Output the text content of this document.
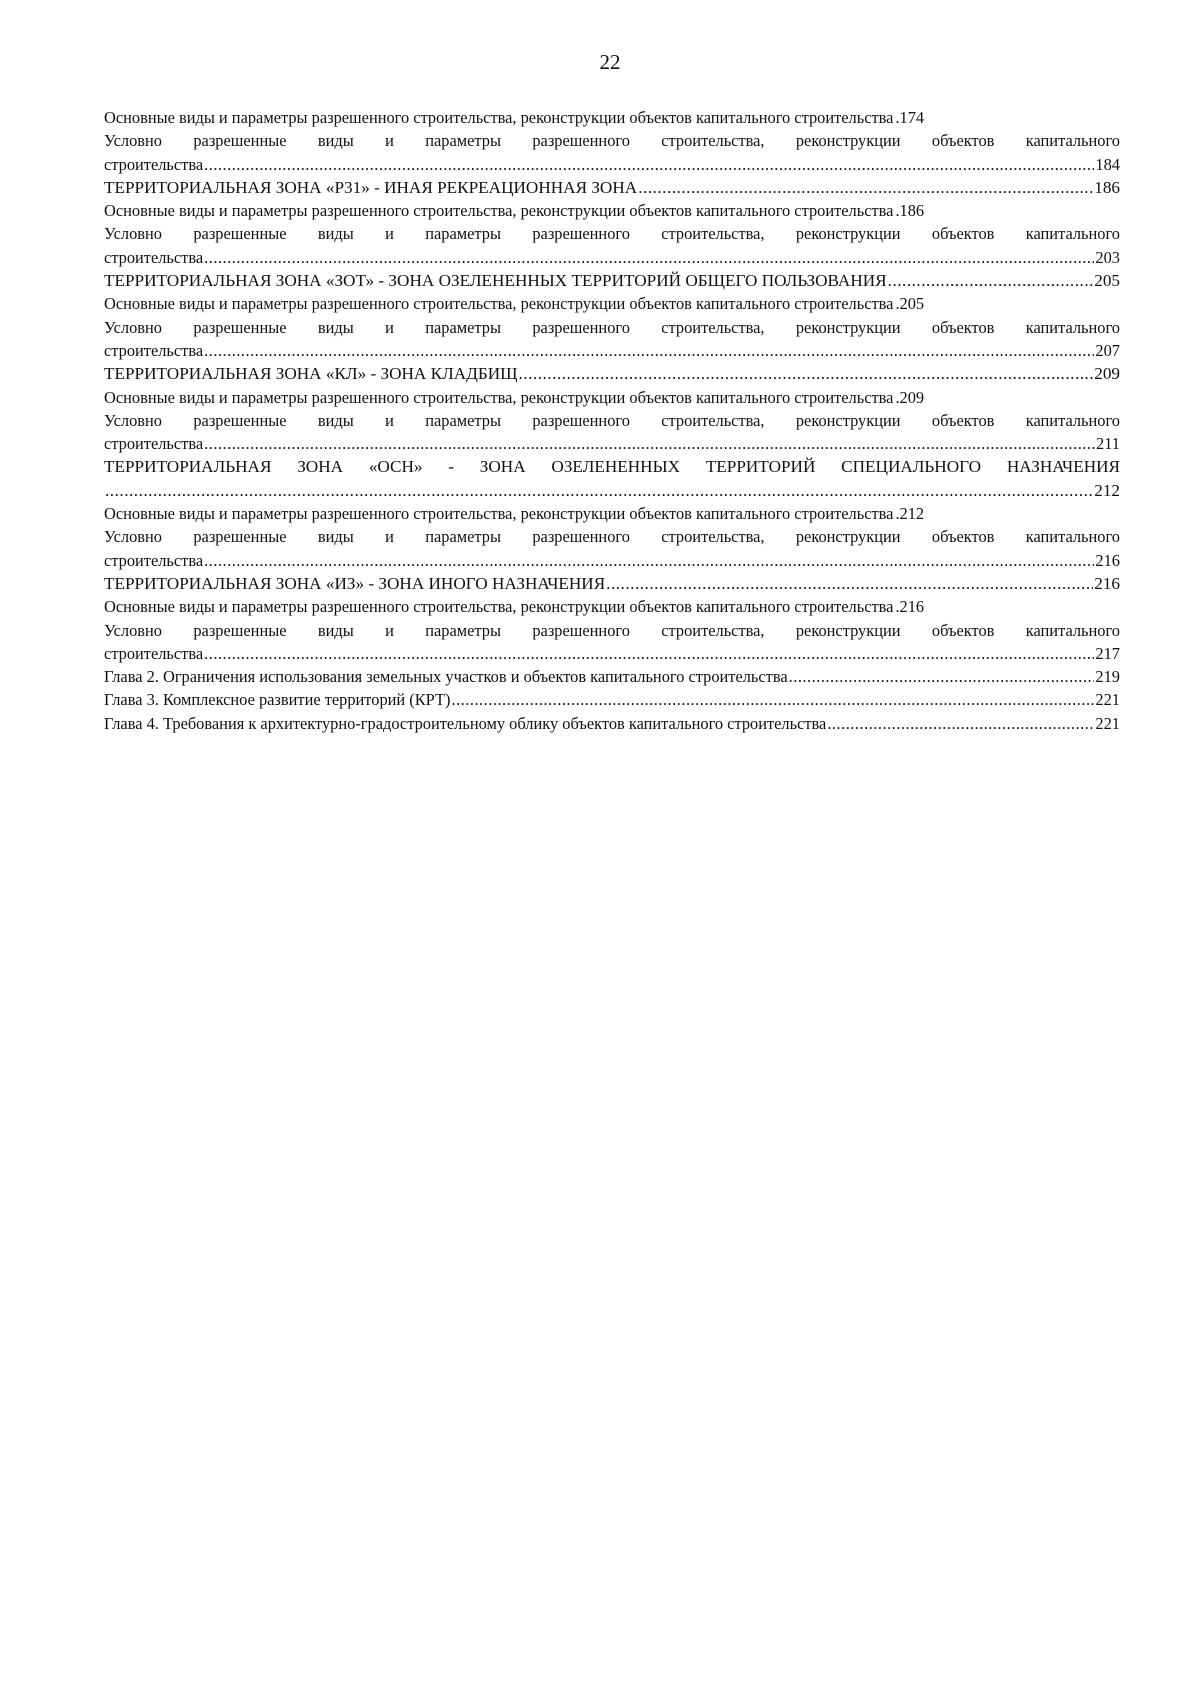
22
Основные виды и параметры разрешенного строительства, реконструкции объектов капитального строительства .174
Условно разрешенные виды и параметры разрешенного строительства, реконструкции объектов капитального
строительства .....	184
ТЕРРИТОРИАЛЬНАЯ ЗОНА «Р31» - ИНАЯ РЕКРЕАЦИОННАЯ ЗОНА .....	186
Основные виды и параметры разрешенного строительства, реконструкции объектов капитального строительства .186
Условно разрешенные виды и параметры разрешенного строительства, реконструкции объектов капитального
строительства .....	203
ТЕРРИТОРИАЛЬНАЯ ЗОНА «ЗОТ» - ЗОНА ОЗЕЛЕНЕННЫХ ТЕРРИТОРИЙ ОБЩЕГО ПОЛЬЗОВАНИЯ .....	205
Основные виды и параметры разрешенного строительства, реконструкции объектов капитального строительства .205
Условно разрешенные виды и параметры разрешенного строительства, реконструкции объектов капитального
строительства .....	207
ТЕРРИТОРИАЛЬНАЯ ЗОНА «КЛ» - ЗОНА КЛАДБИЩ .....	209
Основные виды и параметры разрешенного строительства, реконструкции объектов капитального строительства .209
Условно разрешенные виды и параметры разрешенного строительства, реконструкции объектов капитального
строительства .....	211
ТЕРРИТОРИАЛЬНАЯ ЗОНА «ОСН» - ЗОНА ОЗЕЛЕНЕННЫХ ТЕРРИТОРИЙ СПЕЦИАЛЬНОГО НАЗНАЧЕНИЯ
.....
212
Основные виды и параметры разрешенного строительства, реконструкции объектов капитального строительства .212
Условно разрешенные виды и параметры разрешенного строительства, реконструкции объектов капитального
строительства .....	216
ТЕРРИТОРИАЛЬНАЯ ЗОНА «ИЗ» - ЗОНА ИНОГО НАЗНАЧЕНИЯ .....	216
Основные виды и параметры разрешенного строительства, реконструкции объектов капитального строительства .216
Условно разрешенные виды и параметры разрешенного строительства, реконструкции объектов капитального
строительства .....	217
Глава 2. Ограничения использования земельных участков и объектов капитального строительства .....	219
Глава 3. Комплексное развитие территорий (КРТ) .....	221
Глава 4. Требования к архитектурно-градостроительному облику объектов капитального строительства .....	221
